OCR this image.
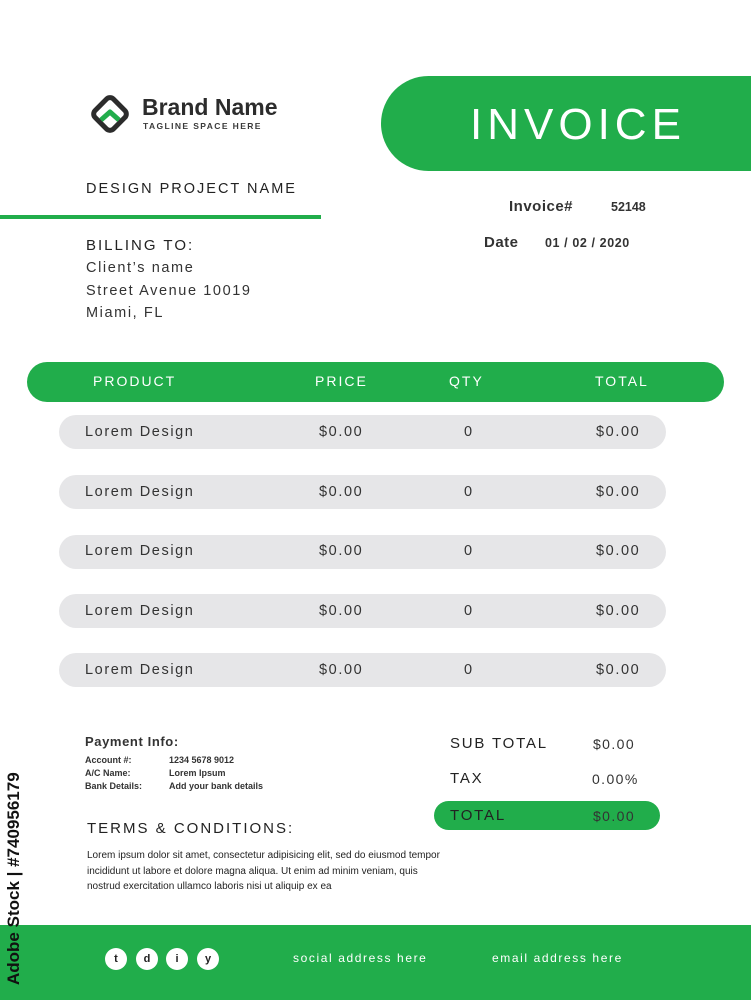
Brand Name
TAGLINE SPACE HERE	INVOICE
DESIGN PROJECT NAME
Invoice#	52148
Date 01 / 02 / 2020
BILLING TO:
Client’s name
Street Avenue 10019
Miami, FL
PRODUCT	PRICE	QTY	TOTAL
Lorem Design	$0.00	0	$0.00
Lorem Design	$0.00	0	$0.00
Lorem Design	$0.00	0	$0.00
Lorem Design	$0.00	0	$0.00
Lorem Design	$0.00	0	$0.00
Payment Info:
Account #:	1234 5678 9012
A/C Name:	Lorem Ipsum
Bank Details:	Add your bank details
SUB TOTAL	$0.00
TAX	0.00%
TOTAL	$0.00
TERMS & CONDITIONS:
Lorem ipsum dolor sit amet, consectetur adipisicing elit, sed do eiusmod tempor incididunt ut labore et dolore magna aliqua. Ut enim ad minim veniam, quis nostrud exercitation ullamco laboris nisi ut aliquip ex ea
t	d	i	y	social address here	email address here
Adobe Stock | #740956179
